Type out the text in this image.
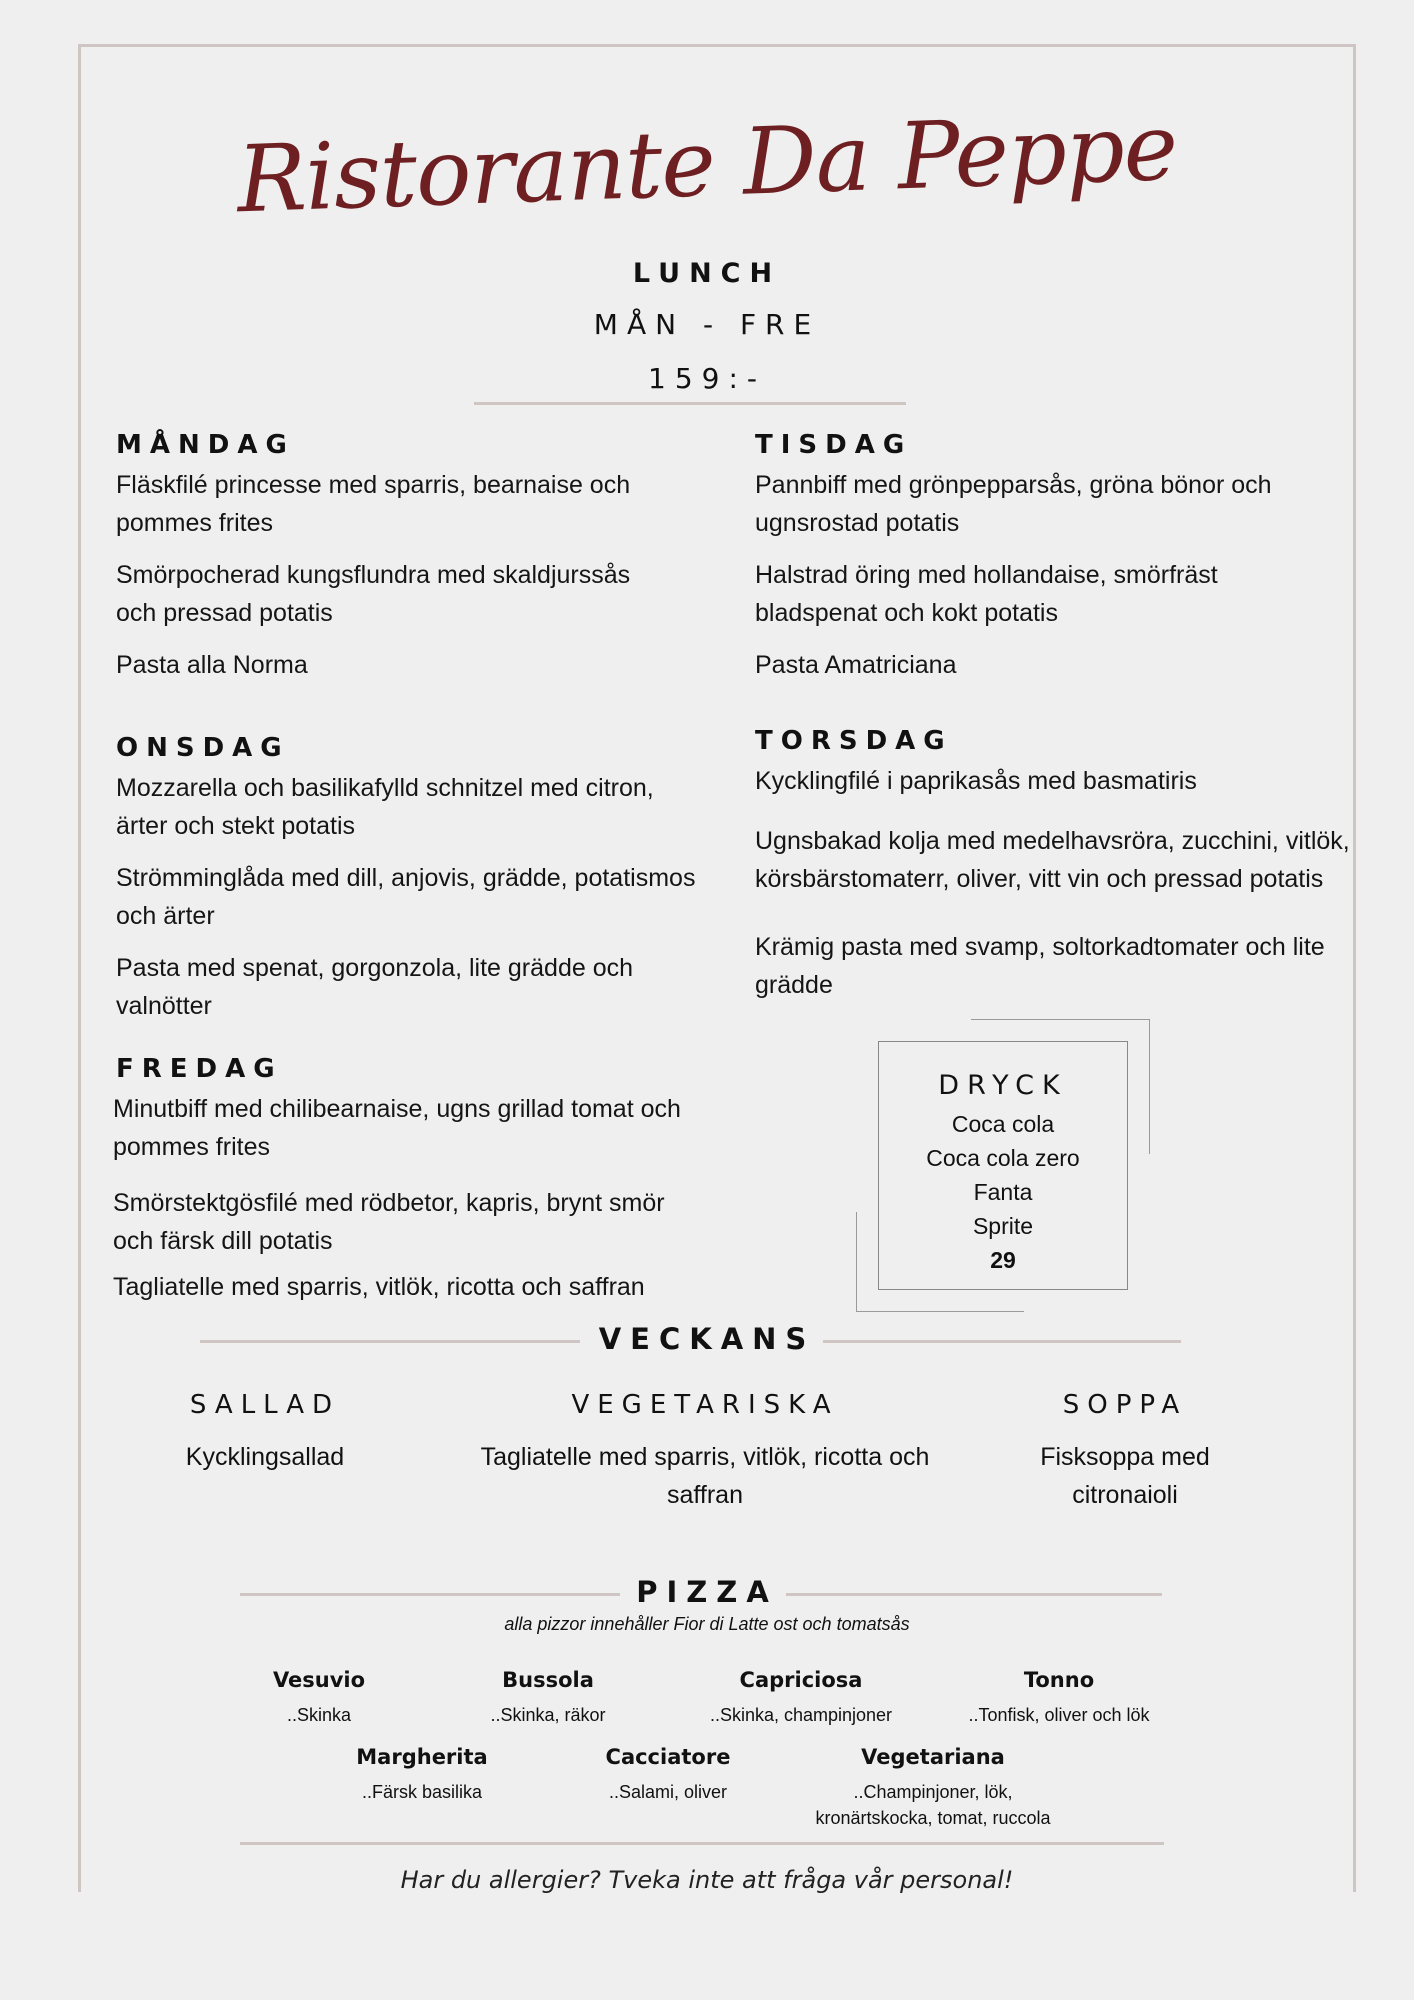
Ristorante Da Peppe
LUNCH
MÅN - FRE
159:-
MÅNDAG

Fläskfilé princesse med sparris, bearnaise och pommes frites

Smörpocherad kungsflundra med skaldjurssås och pressad potatis

Pasta alla Norma

TISDAG

Pannbiff med grönpepparsås, gröna bönor och ugnsrostad potatis

Halstrad öring med hollandaise, smörfräst bladspenat och kokt potatis

Pasta Amatriciana

ONSDAG

Mozzarella och basilikafylld schnitzel med citron, ärter och stekt potatis

Strömminglåda med dill, anjovis, grädde, potatismos och ärter

Pasta med spenat, gorgonzola, lite grädde och valnötter

TORSDAG

Kycklingfilé i paprikasås med basmatiris

Ugnsbakad kolja med medelhavsröra, zucchini, vitlök, körsbärstomaterr, oliver, vitt vin och pressad potatis

Krämig pasta med svamp, soltorkadtomater och lite grädde

FREDAG

Minutbiff med chilibearnaise, ugns grillad tomat och pommes frites

Smörstektgösfilé med rödbetor, kapris, brynt smör och färsk dill potatis

Tagliatelle med sparris, vitlök, ricotta och saffran

DRYCK
Coca cola
Coca cola zero
Fanta
Sprite
29
VECKANS
SALLAD

Kycklingsallad

VEGETARISKA

Tagliatelle med sparris, vitlök, ricotta och saffran

SOPPA

Fisksoppa med citronaioli

PIZZA
alla pizzor innehåller Fior di Latte ost och tomatsås
Vesuvio
..Skinka
Bussola
..Skinka, räkor
Capriciosa
..Skinka, champinjoner
Tonno
..Tonfisk, oliver och lök
Margherita
..Färsk basilika
Cacciatore
..Salami, oliver
Vegetariana
..Champinjoner, lök, kronärtskocka, tomat, ruccola
Har du allergier? Tveka inte att fråga vår personal!
